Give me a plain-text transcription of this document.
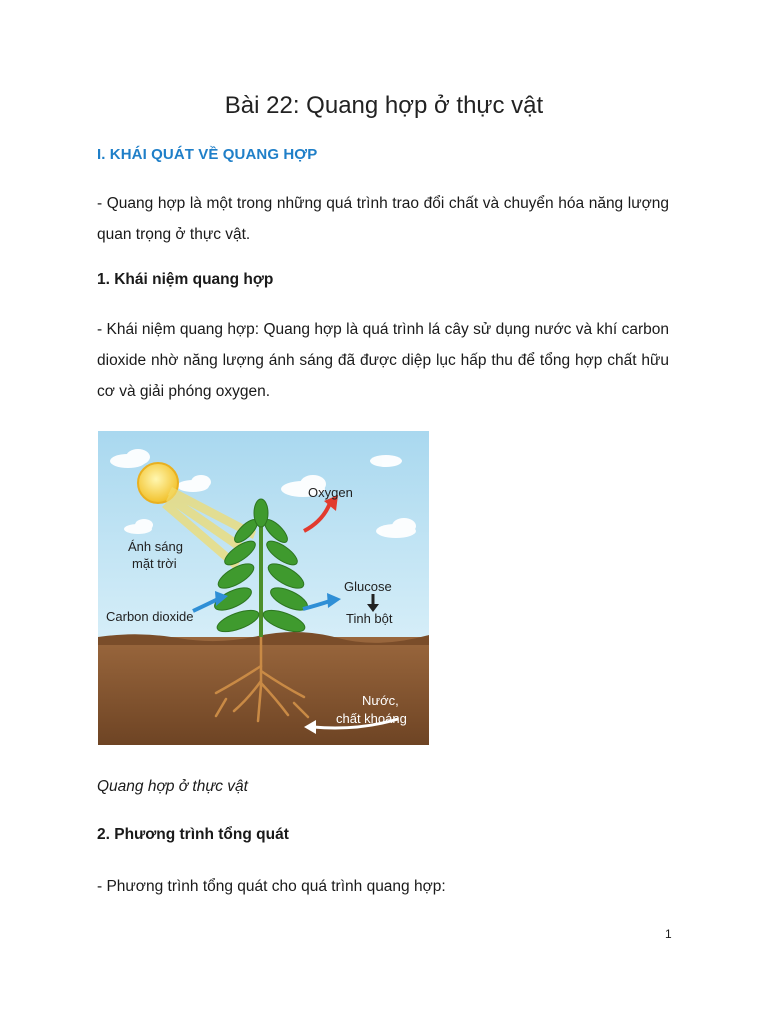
Bài 22: Quang hợp ở thực vật
I. KHÁI QUÁT VỀ QUANG HỢP
- Quang hợp là một trong những quá trình trao đổi chất và chuyển hóa năng lượng quan trọng ở thực vật.
1. Khái niệm quang hợp
- Khái niệm quang hợp: Quang hợp là quá trình lá cây sử dụng nước và khí carbon dioxide nhờ năng lượng ánh sáng đã được diệp lục hấp thu để tổng hợp chất hữu cơ và giải phóng oxygen.
Ánh sáng
mặt trời
Oxygen
Carbon dioxide
Glucose
Tinh bột
Nước,
chất khoáng
Quang hợp ở thực vật
2. Phương trình tổng quát
- Phương trình tổng quát cho quá trình quang hợp:
1
